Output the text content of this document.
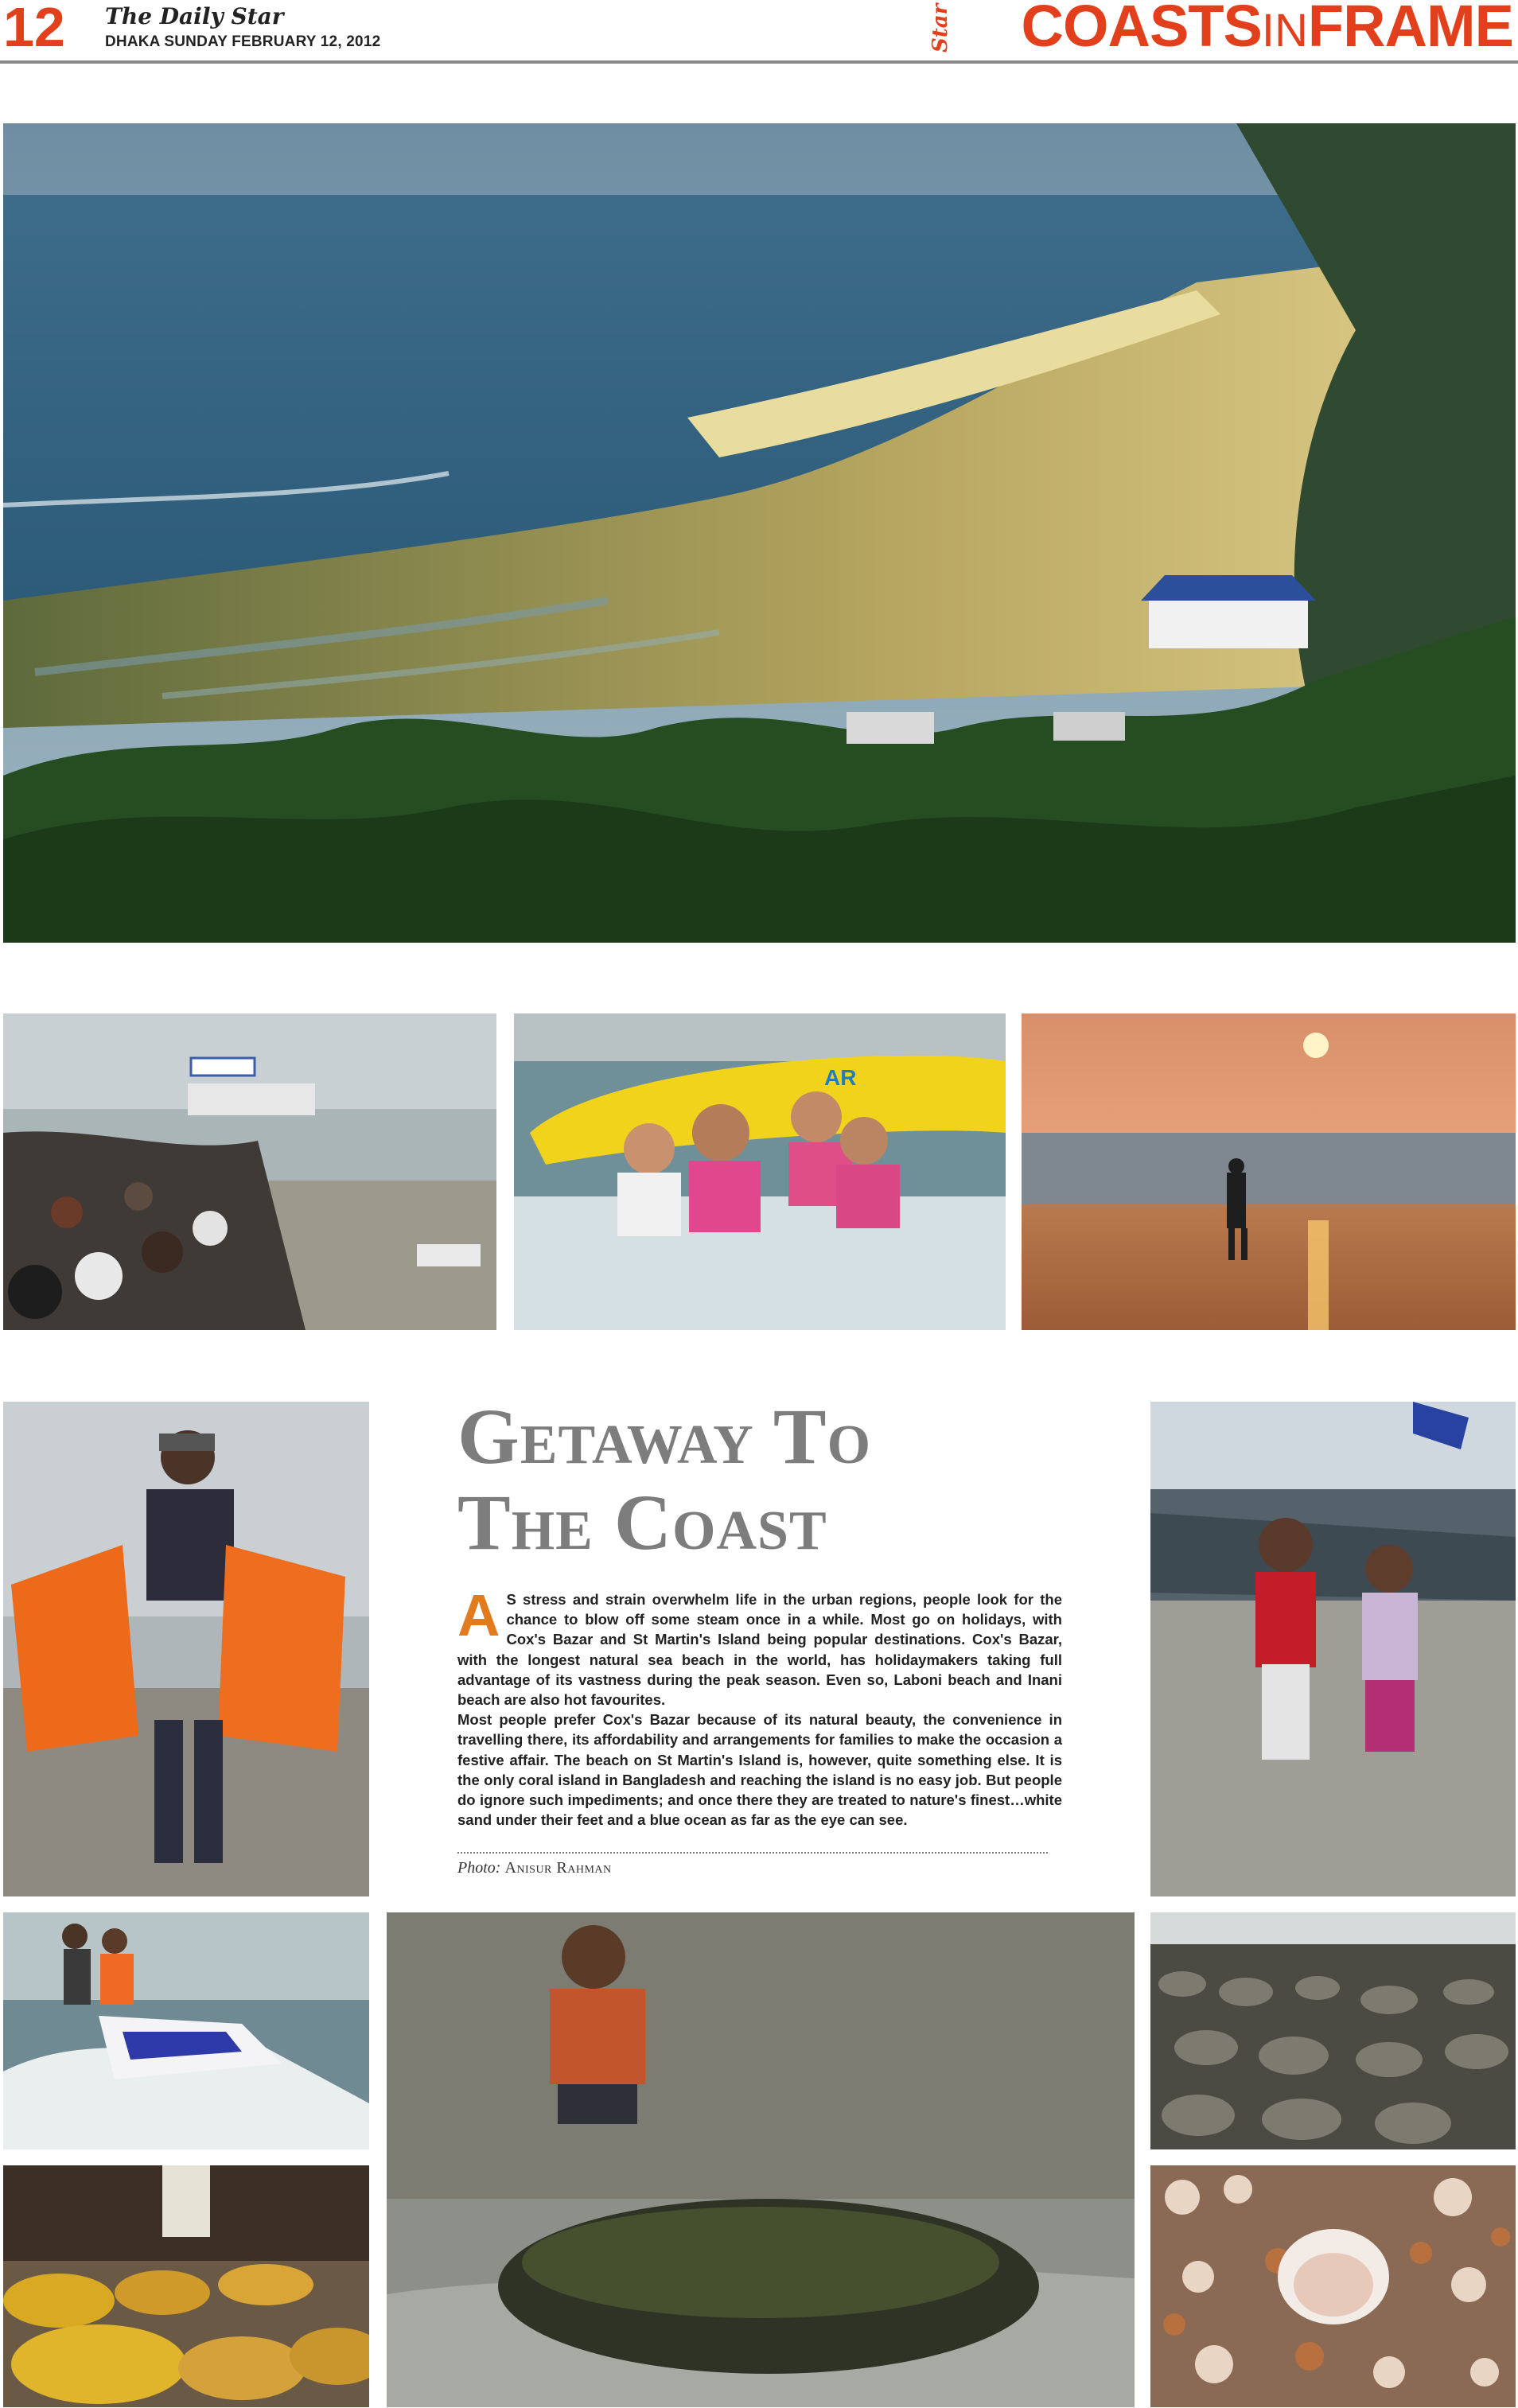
12 The Daily Star
DHAKA SUNDAY FEBRUARY 12, 2012	Star COASTSINFRAME
AR
Getaway To
The Coast

A S stress and strain overwhelm life in the urban regions, people look for the chance to blow off some steam once in a while. Most go on holidays, with Cox's Bazar and St Martin's Island being popular destinations. Cox's Bazar, with the longest natural sea beach in the world, has holidaymakers taking full advantage of its vastness during the peak season. Even so, Laboni beach and Inani beach are also hot favourites.

Most people prefer Cox's Bazar because of its natural beauty, the convenience in travelling there, its affordability and arrangements for families to make the occasion a festive affair. The beach on St Martin's Island is, however, quite something else. It is the only coral island in Bangladesh and reaching the island is no easy job. But people do ignore such impediments; and once there they are treated to nature's finest…white sand under their feet and a blue ocean as far as the eye can see.

Photo: Anisur Rahman
